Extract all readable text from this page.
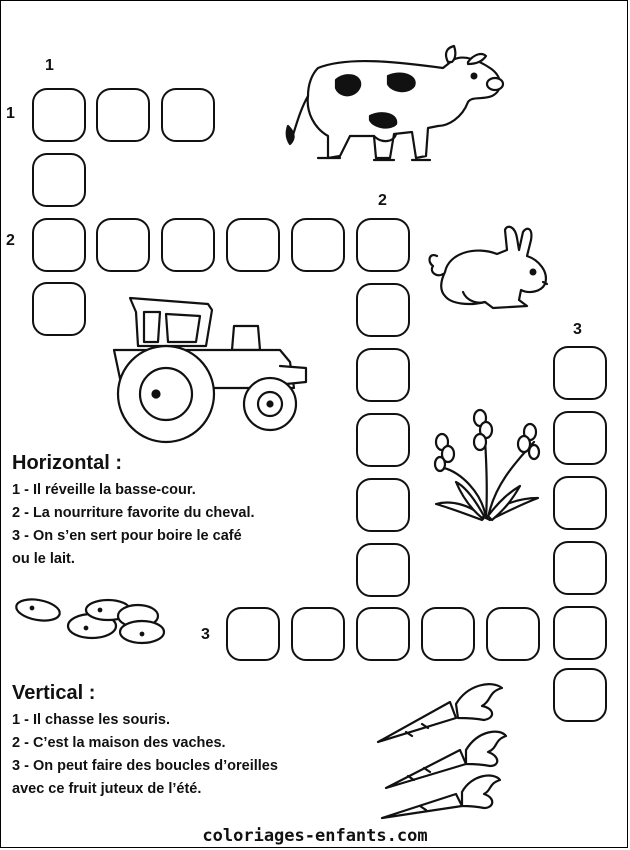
1
1
2
2
3
3
Horizontal :
1 - Il réveille la basse-cour.
2 - La nourriture favorite du cheval.
3 - On s’en sert pour boire le café
ou le lait.
Vertical :
1 - Il chasse les souris.
2 - C’est la maison des vaches.
3 - On peut faire des boucles d’oreilles
avec ce fruit juteux de l’été.
coloriages-enfants.com
